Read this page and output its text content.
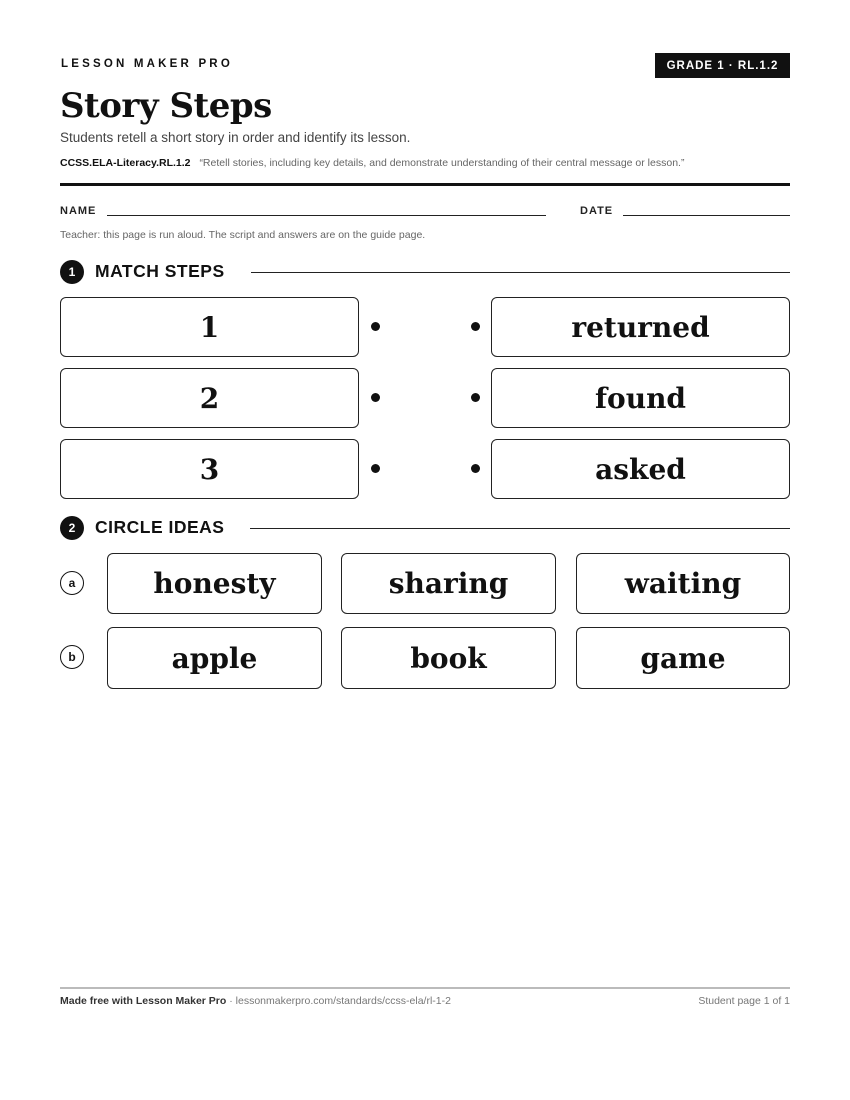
LESSON MAKER PRO	GRADE 1 · RL.1.2
Story Steps
Students retell a short story in order and identify its lesson.
CCSS.ELA-Literacy.RL.1.2 “Retell stories, including key details, and demonstrate understanding of their central message or lesson.”
NAME	DATE
Teacher: this page is run aloud. The script and answers are on the guide page.
1	MATCH STEPS
1	returned
2	found
3	asked
2	CIRCLE IDEAS
a	honesty	sharing	waiting
b	apple	book	game
Made free with Lesson Maker Pro · lessonmakerpro.com/standards/ccss-ela/rl-1-2	Student page 1 of 1
